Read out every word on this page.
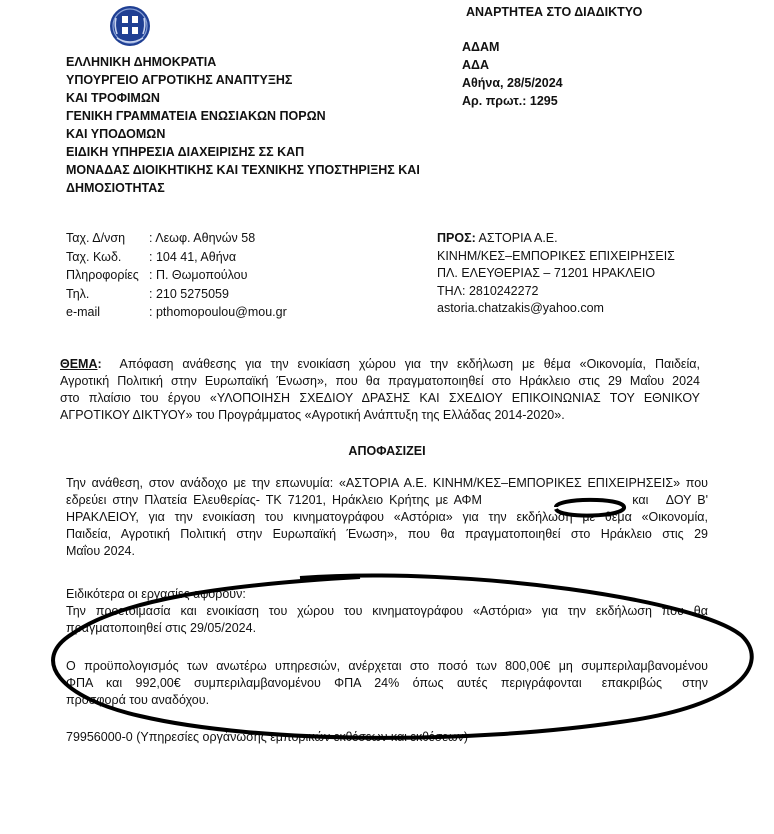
ΑΝΑΡΤΗΤΕΑ ΣΤΟ ΔΙΑΔΙΚΤΥΟ
ΕΛΛΗΝΙΚΗ ΔΗΜΟΚΡΑΤΙΑ
ΥΠΟΥΡΓΕΙΟ ΑΓΡΟΤΙΚΗΣ ΑΝΑΠΤΥΞΗΣ
ΚΑΙ ΤΡΟΦΙΜΩΝ
ΓΕΝΙΚΗ ΓΡΑΜΜΑΤΕΙΑ ΕΝΩΣΙΑΚΩΝ ΠΟΡΩΝ
ΚΑΙ ΥΠΟΔΟΜΩΝ
ΕΙΔΙΚΗ ΥΠΗΡΕΣΙΑ ΔΙΑΧΕΙΡΙΣΗΣ ΣΣ ΚΑΠ
ΜΟΝΑΔΑΣ ΔΙΟΙΚΗΤΙΚΗΣ ΚΑΙ ΤΕΧΝΙΚΗΣ ΥΠΟΣΤΗΡΙΞΗΣ ΚΑΙ
ΔΗΜΟΣΙΟΤΗΤΑΣ
ΑΔΑΜ
ΑΔΑ
Αθήνα, 28/5/2024
Αρ. πρωτ.: 1295
Ταχ. Δ/νση
Ταχ. Κωδ.
Πληροφορίες
Τηλ.
e-mail
: Λεωφ. Αθηνών 58
: 104 41, Αθήνα
: Π. Θωμοπούλου
: 210 5275059
: pthomopoulou@mou.gr
ΠΡΟΣ: ΑΣΤΟΡΙΑ Α.Ε.
ΚΙΝΗΜ/ΚΕΣ–ΕΜΠΟΡΙΚΕΣ ΕΠΙΧΕΙΡΗΣΕΙΣ
ΠΛ. ΕΛΕΥΘΕΡΙΑΣ – 71201 ΗΡΑΚΛΕΙΟ
ΤΗΛ: 2810242272
astoria.chatzakis@yahoo.com
ΘΕΜΑ: Απόφαση ανάθεσης για την ενοικίαση χώρου για την εκδήλωση με θέμα «Οικονομία, Παιδεία,
Αγροτική Πολιτική στην Ευρωπαϊκή Ένωση», που θα πραγματοποιηθεί στο Ηράκλειο στις 29 Μαΐου 2024
στο πλαίσιο του έργου «ΥΛΟΠΟΙΗΣΗ ΣΧΕΔΙΟΥ ΔΡΑΣΗΣ ΚΑΙ ΣΧΕΔΙΟΥ ΕΠΙΚΟΙΝΩΝΙΑΣ ΤΟΥ ΕΘΝΙΚΟΥ
ΑΓΡΟΤΙΚΟΥ ΔΙΚΤΥΟΥ» του Προγράμματος «Αγροτική Ανάπτυξη της Ελλάδας 2014-2020».
ΑΠΟΦΑΣΙΖΕΙ
Την ανάθεση, στον ανάδοχο με την επωνυμία: «ΑΣΤΟΡΙΑ Α.Ε. ΚΙΝΗΜ/ΚΕΣ–ΕΜΠΟΡΙΚΕΣ ΕΠΙΧΕΙΡΗΣΕΙΣ» που
εδρεύει στην Πλατεία Ελευθερίας- ΤΚ 71201, Ηράκλειο Κρήτης με ΑΦΜ                         και   ΔΟΥ Β'
ΗΡΑΚΛΕΙΟΥ, για την ενοικίαση του κινηματογράφου «Αστόρια» για την εκδήλωση με θέμα «Οικονομία,
Παιδεία, Αγροτική Πολιτική στην Ευρωπαϊκή Ένωση», που θα πραγματοποιηθεί στο Ηράκλειο στις 29
Μαΐου 2024.
Ειδικότερα οι εργασίες αφορούν:
Την προετοιμασία και ενοικίαση του χώρου του κινηματογράφου «Αστόρια» για την εκδήλωση που θα
πραγματοποιηθεί στις 29/05/2024.
Ο προϋπολογισμός των ανωτέρω υπηρεσιών, ανέρχεται στο ποσό των 800,00€ μη συμπεριλαμβανομένου
ΦΠΑ  και  992,00€  συμπεριλαμβανομένου  ΦΠΑ  24%  όπως  αυτές  περιγράφονται   επακριβώς   στην
προσφορά του αναδόχου.
79956000-0 (Υπηρεσίες οργάνωσης εμπορικών εκθέσεων και εκθέσεων)
